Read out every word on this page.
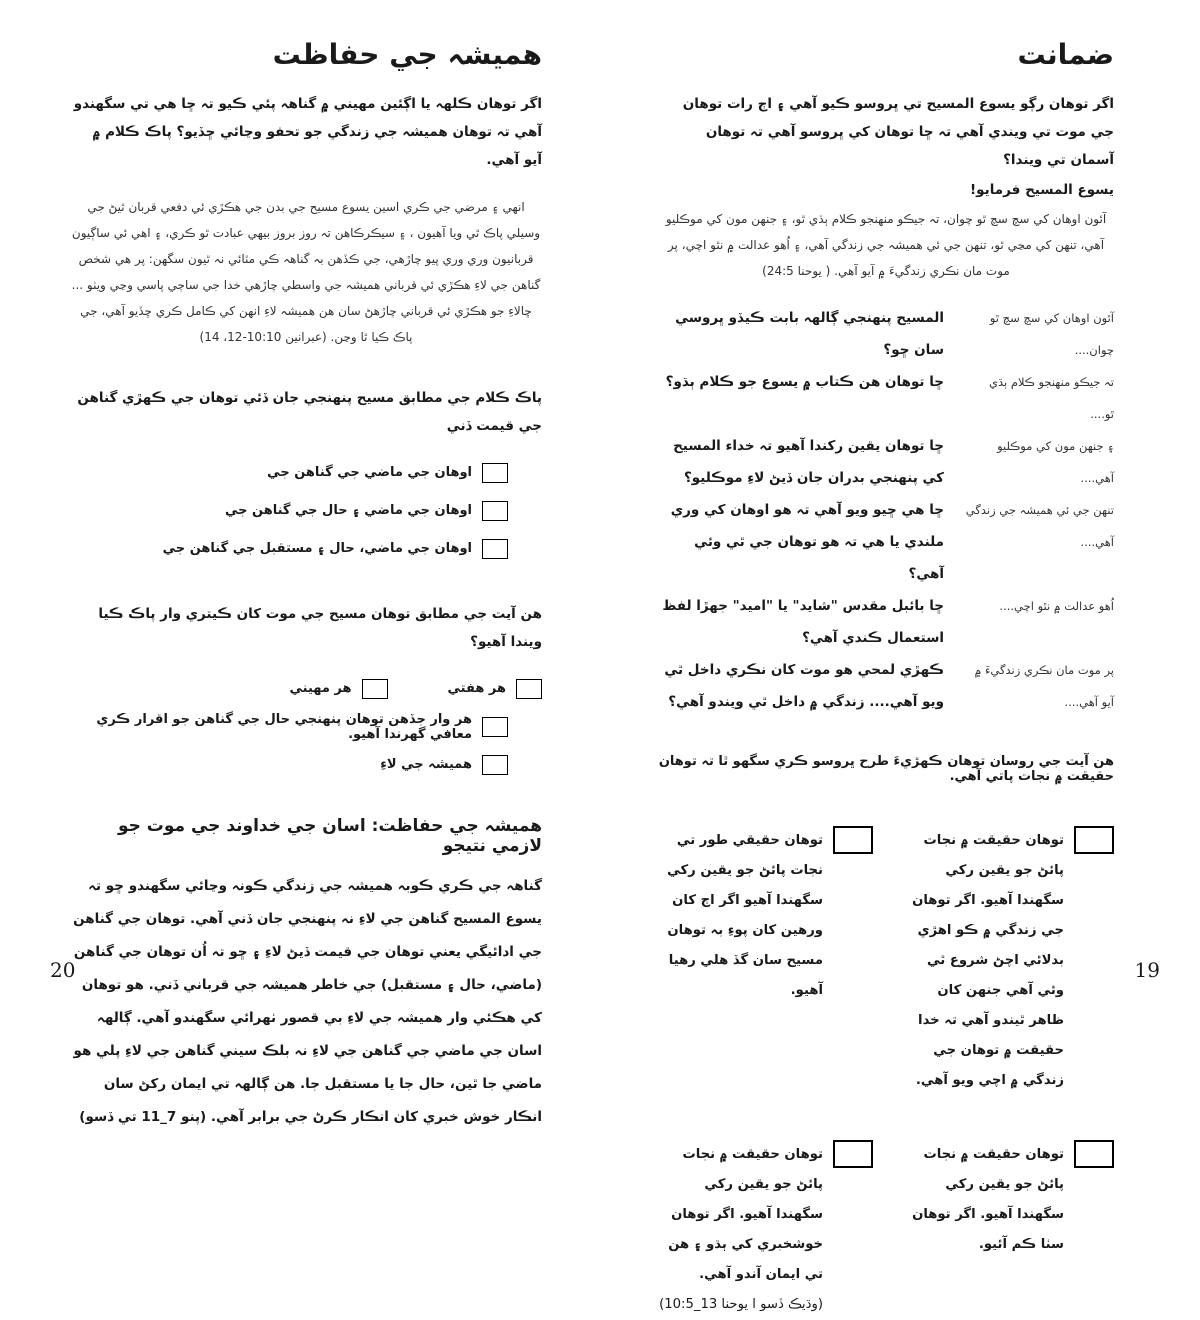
هميشہ جي حفاظت

اگر توهان ڪلهہ يا اڳئين مهيني ۾ گناهہ پئي ڪيو تہ ڇا هي تي سگهندو آهي تہ توهان هميشہ جي زندگي جو تحفو وڃائي ڇڏيو؟ پاڪ ڪلام ۾ آيو آهي.

انهي ۽ مرضي جي ڪري اسين يسوع مسيح جي بدن جي هڪڙي ئي دفعي قربان ٿيڻ جي وسيلي پاڪ ٿي ويا آهيون ، ۽ سيڪرڪاهن تہ روز بروز بيهي عبادت ٿو ڪري، ۽ اهي ئي ساڳيون قربانيون وري وري پيو چاڙهي، جي ڪڏهن بہ گناهہ ڪي مٽائي نہ ٿيون سگهن: پر هي شخص گناهن جي لاءِ هڪڙي ئي قرباني هميشہ جي واسطي چاڙهي خدا جي ساڄي پاسي وڃي ويٺو ... ڇالاءِ جو هڪڙي ئي قرباني چاڙهڻ سان هن هميشہ لاءِ انهن کي ڪامل ڪري ڇڏيو آهي، جي پاڪ ڪيا ٿا وڃن. (عبرانين 10:10-12، 14)

پاڪ ڪلام جي مطابق مسيح پنهنجي جان ڏئي توهان جي ڪهڙي گناهن جي قيمت ڏني

اوهان جي ماضي جي گناهن جي
اوهان جي ماضي ۽ حال جي گناهن جي
اوهان جي ماضي، حال ۽ مستقبل جي گناهن جي

هن آيت جي مطابق توهان مسيح جي موت کان ڪيتري وار پاڪ ڪيا ويندا آهيو؟

هر هفتي
هر مهيني
هر وار جڏهن توهان پنهنجي حال جي گناهن جو اقرار ڪري معافي گهرندا آهيو.
هميشہ جي لاءِ
هميشہ جي حفاظت: اسان جي خداوند جي موت جو لازمي نتيجو

گناهہ جي ڪري ڪوبہ هميشہ جي زندگي ڪونہ وڃائي سگهندو ڇو تہ يسوع المسيح گناهن جي لاءِ نہ پنهنجي جان ڏني آهي. توهان جي گناهن جي ادائيگي يعني توهان جي قيمت ڏيڻ لاءِ ۽ ڇو تہ اُن توهان جي گناهن (ماضي، حال ۽ مستقبل) جي خاطر هميشہ جي قرباني ڏني. هو توهان کي هڪئي وار هميشہ جي لاءِ بي قصور ٺهرائي سگهندو آهي. ڳالهہ اسان جي ماضي جي گناهن جي لاءِ نہ بلڪ سيني گناهن جي لاءِ پلي هو ماضي جا ٿين، حال جا يا مستقبل جا. هن ڳالهہ تي ايمان رکڻ سان انڪار خوش خبري کان انڪار ڪرڻ جي برابر آهي. (پنو 7_11 تي ڏسو)

20
ضمانت

اگر توهان رڳو يسوع المسيح تي ڀروسو ڪيو آهي ۽ اڄ رات توهان جي موت تي ويندي آهي تہ ڇا توهان کي ڀروسو آهي تہ توهان آسمان تي ويندا؟

يسوع المسيح فرمايو!

آئون اوهان کي سچ سچ ٿو چوان، تہ جيڪو منهنجو ڪلام ٻڌي ٿو، ۽ جنهن مون کي موڪليو آهي، تنهن کي مڃي ٿو، تنهن جي ئي هميشہ جي زندگي آهي، ۽ اُهو عدالت ۾ نٿو اچي، پر موت مان نڪري زندگيءَ ۾ آيو آهي. ( يوحنا 24:5)

آئون اوهان کي سچ سچ ٿو چوان....	المسيح پنهنجي ڳالهہ بابت ڪيڏو ڀروسي سان ڇو؟
تہ جيڪو منهنجو ڪلام ٻڌي ٿو....	ڇا توهان هن ڪتاب ۾ يسوع جو ڪلام ٻڌو؟
۽ جنهن مون کي موڪليو آهي....	ڇا توهان يقين رکندا آهيو تہ خداء المسيح کي پنهنجي بدران جان ڏيڻ لاءِ موڪليو؟
تنهن جي ئي هميشہ جي زندگي آهي....	ڇا هي ڇيو ويو آهي تہ هو اوهان کي وري ملندي يا هي تہ هو توهان جي ٿي وئي آهي؟
اُهو عدالت ۾ نٿو اچي....	ڇا بائبل مقدس "شايد" يا "اميد" جهڙا لفظ استعمال ڪندي آهي؟
پر موت مان نڪري زندگيءَ ۾ آيو آهي....	ڪهڙي لمحي هو موت کان نڪري داخل ٿي ويو آهي.... زندگي ۾ داخل ٿي ويندو آهي؟

هن آيت جي روسان توهان ڪهڙيءَ طرح ڀروسو ڪري سگهو ٿا تہ توهان حقيقت ۾ نجات پاتي آهي.

توهان حقيقت ۾ نجات پائڻ جو يقين رکي سگهندا آهيو. اگر توهان جي زندگي ۾ ڪو اهڙي بدلائي اچڻ شروع ٿي وئي آهي جنهن کان ظاهر ٿيندو آهي تہ خدا حقيقت ۾ توهان جي زندگي ۾ اچي ويو آهي.

توهان حقيقي طور تي نجات پائڻ جو يقين رکي سگهندا آهيو اگر اڄ کان ورهين کان پوءِ بہ توهان مسيح سان گڏ هلي رهيا آهيو.

توهان حقيقت ۾ نجات پائڻ جو يقين رکي سگهندا آهيو. اگر توهان سٺا ڪم آئيو.

توهان حقيقت ۾ نجات پائڻ جو يقين رکي سگهندا آهيو. اگر توهان خوشخبري کي ٻڌو ۽ هن تي ايمان آندو آهي.

(وڌيڪ ڏسو ا يوحنا 13_10:5)

19
